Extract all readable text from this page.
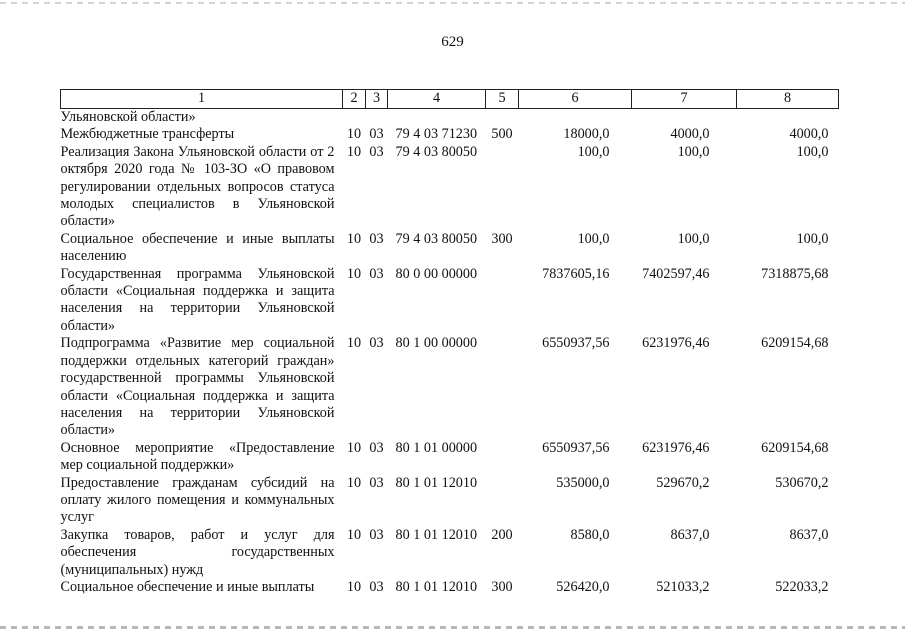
629
1	2	3	4	5	6	7	8
Ульяновской области»							
Межбюджетные трансферты	10	03	79 4 03 71230	500	18000,0	4000,0	4000,0
Реализация Закона Ульяновской области от 2 октября 2020 года № 103-ЗО «О правовом регулировании отдельных вопросов статуса молодых специалистов в Ульяновской области»	10	03	79 4 03 80050		100,0	100,0	100,0
Социальное обеспечение и иные выплаты населению	10	03	79 4 03 80050	300	100,0	100,0	100,0
Государственная программа Ульяновской области «Социальная поддержка и защита населения на территории Ульяновской области»	10	03	80 0 00 00000		7837605,16	7402597,46	7318875,68
Подпрограмма «Развитие мер социальной поддержки отдельных категорий граждан» государственной программы Ульяновской области «Социальная поддержка и защита населения на территории Ульяновской области»	10	03	80 1 00 00000		6550937,56	6231976,46	6209154,68
Основное мероприятие «Предоставление мер социальной поддержки»	10	03	80 1 01 00000		6550937,56	6231976,46	6209154,68
Предоставление гражданам субсидий на оплату жилого помещения и коммунальных услуг	10	03	80 1 01 12010		535000,0	529670,2	530670,2
Закупка товаров, работ и услуг для обеспечения государственных (муниципальных) нужд	10	03	80 1 01 12010	200	8580,0	8637,0	8637,0
Социальное обеспечение и иные выплаты	10	03	80 1 01 12010	300	526420,0	521033,2	522033,2
